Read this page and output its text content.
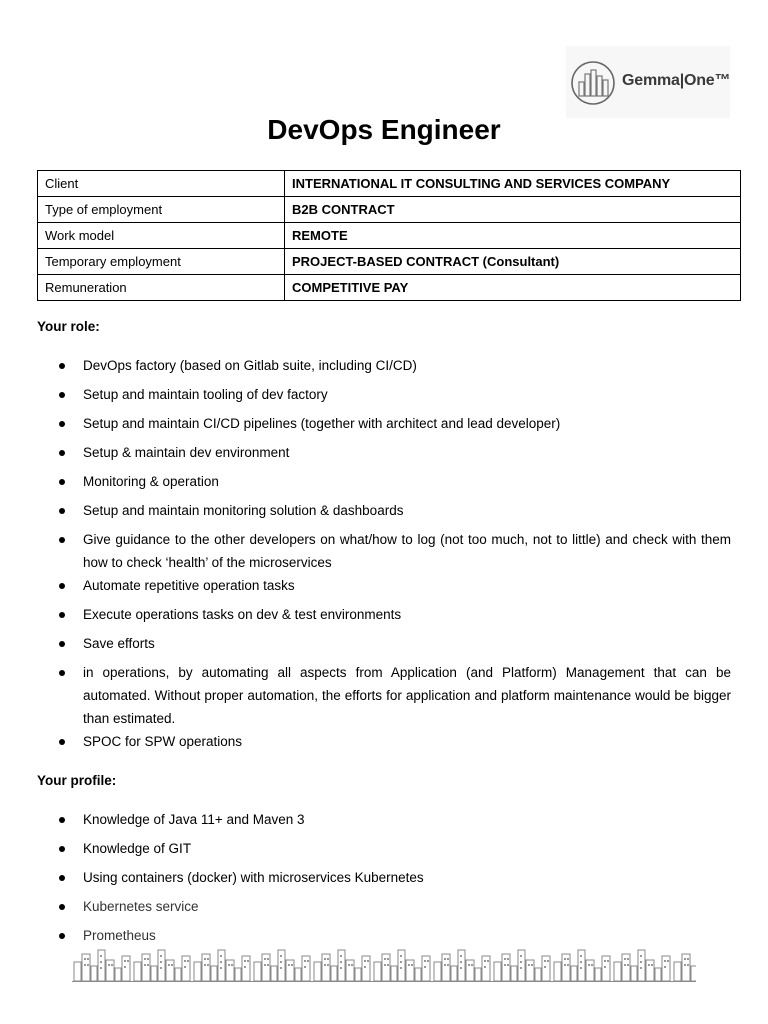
Gemma|One™
DevOps Engineer
Client	INTERNATIONAL IT CONSULTING AND SERVICES COMPANY
Type of employment	B2B CONTRACT
Work model	REMOTE
Temporary employment	PROJECT-BASED CONTRACT (Consultant)
Remuneration	COMPETITIVE PAY
Your role:
DevOps factory (based on Gitlab suite, including CI/CD)
Setup and maintain tooling of dev factory
Setup and maintain CI/CD pipelines (together with architect and lead developer)
Setup & maintain dev environment
Monitoring & operation
Setup and maintain monitoring solution & dashboards
Give guidance to the other developers on what/how to log (not too much, not to little) and check with them how to check ‘health’ of the microservices
Automate repetitive operation tasks
Execute operations tasks on dev & test environments
Save efforts
in operations, by automating all aspects from Application (and Platform) Management that can be automated. Without proper automation, the efforts for application and platform maintenance would be bigger than estimated.
SPOC for SPW operations
Your profile:
Knowledge of Java 11+ and Maven 3
Knowledge of GIT
Using containers (docker) with microservices Kubernetes
Kubernetes service
Prometheus
